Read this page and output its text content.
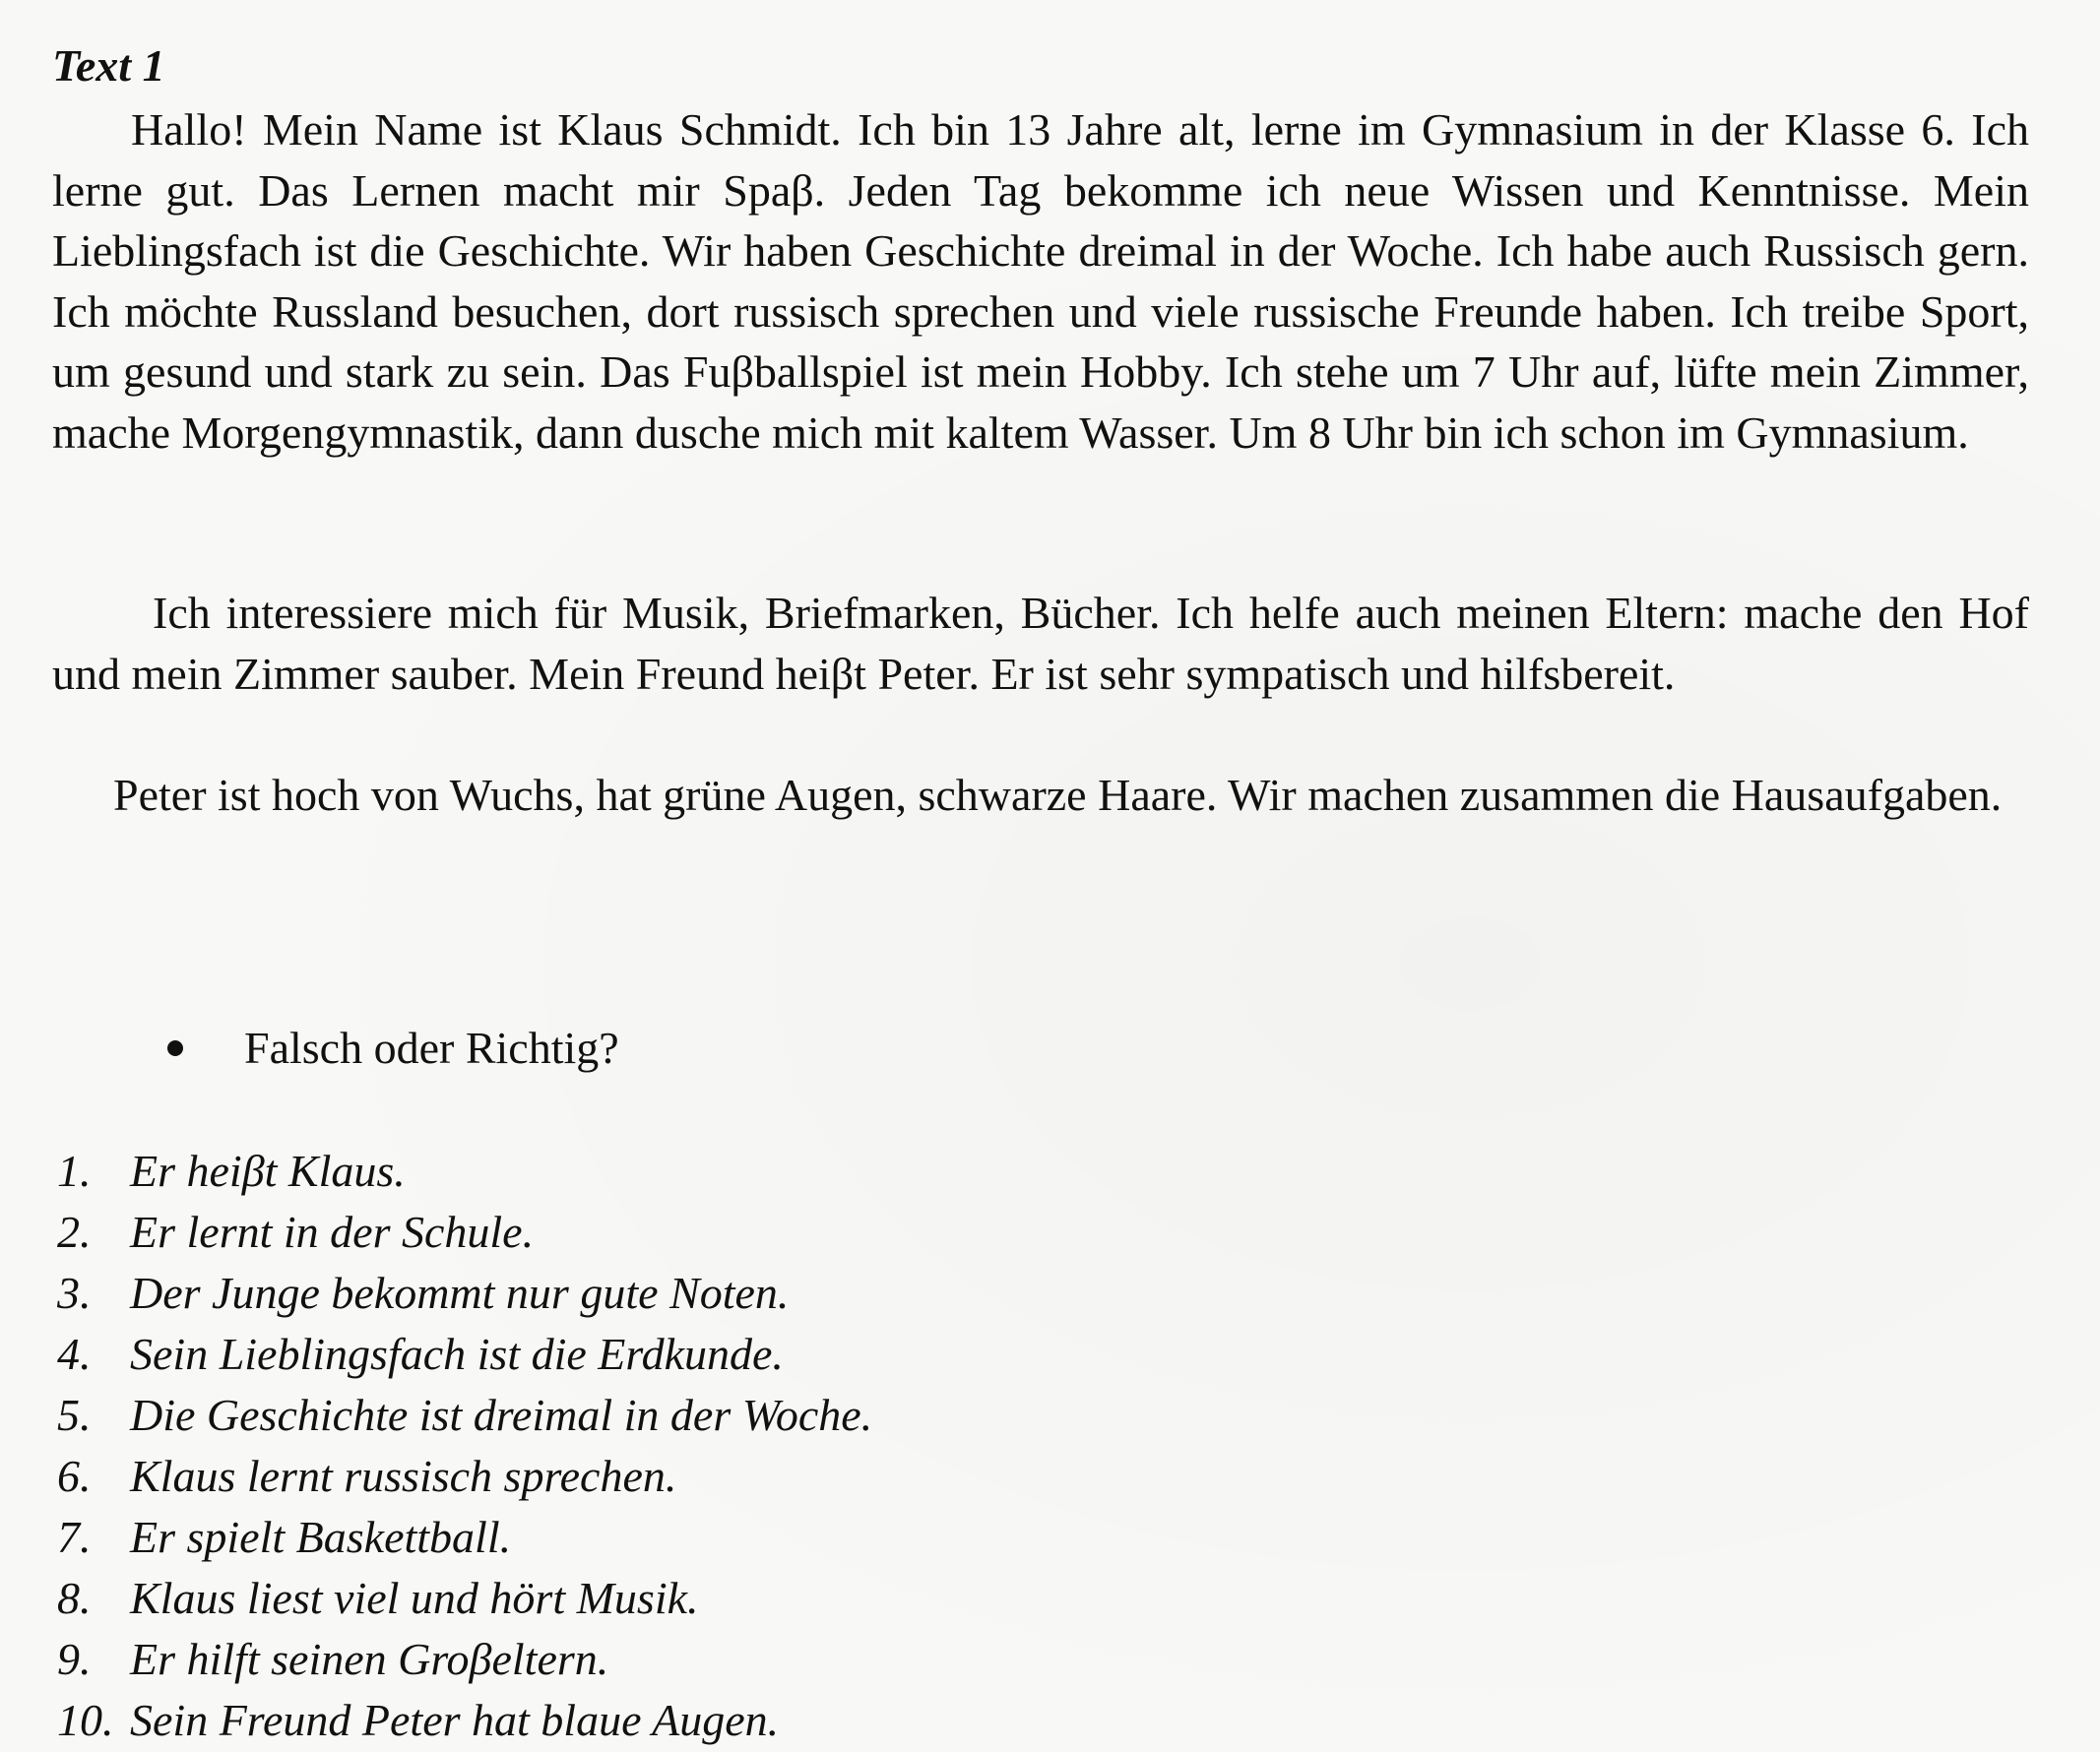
Text 1

Hallo! Mein Name ist Klaus Schmidt. Ich bin 13 Jahre alt, lerne im Gymnasium in der Klasse 6. Ich lerne gut. Das Lernen macht mir Spaβ. Jeden Tag bekomme ich neue Wissen und Kenntnisse. Mein Lieblingsfach ist die Geschichte. Wir haben Geschichte dreimal in der Woche. Ich habe auch Russisch gern. Ich möchte Russland besuchen, dort russisch sprechen und viele russische Freunde haben. Ich treibe Sport, um gesund und stark zu sein. Das Fuβballspiel ist mein Hobby. Ich stehe um 7 Uhr auf, lüfte mein Zimmer, mache Morgengymnastik, dann dusche mich mit kaltem Wasser. Um 8 Uhr bin ich schon im Gymnasium.

Ich interessiere mich für Musik, Briefmarken, Bücher. Ich helfe auch meinen Eltern: mache den Hof und mein Zimmer sauber. Mein Freund heiβt Peter. Er ist sehr sympatisch und hilfsbereit.

Peter ist hoch von Wuchs, hat grüne Augen, schwarze Haare. Wir machen zusammen die Hausaufgaben.

Falsch oder Richtig?
1. Er heiβt Klaus.
2. Er lernt in der Schule.
3. Der Junge bekommt nur gute Noten.
4. Sein Lieblingsfach ist die Erdkunde.
5. Die Geschichte ist dreimal in der Woche.
6. Klaus lernt russisch sprechen.
7. Er spielt Baskettball.
8. Klaus liest viel und hört Musik.
9. Er hilft seinen Groβeltern.
10. Sein Freund Peter hat blaue Augen.
